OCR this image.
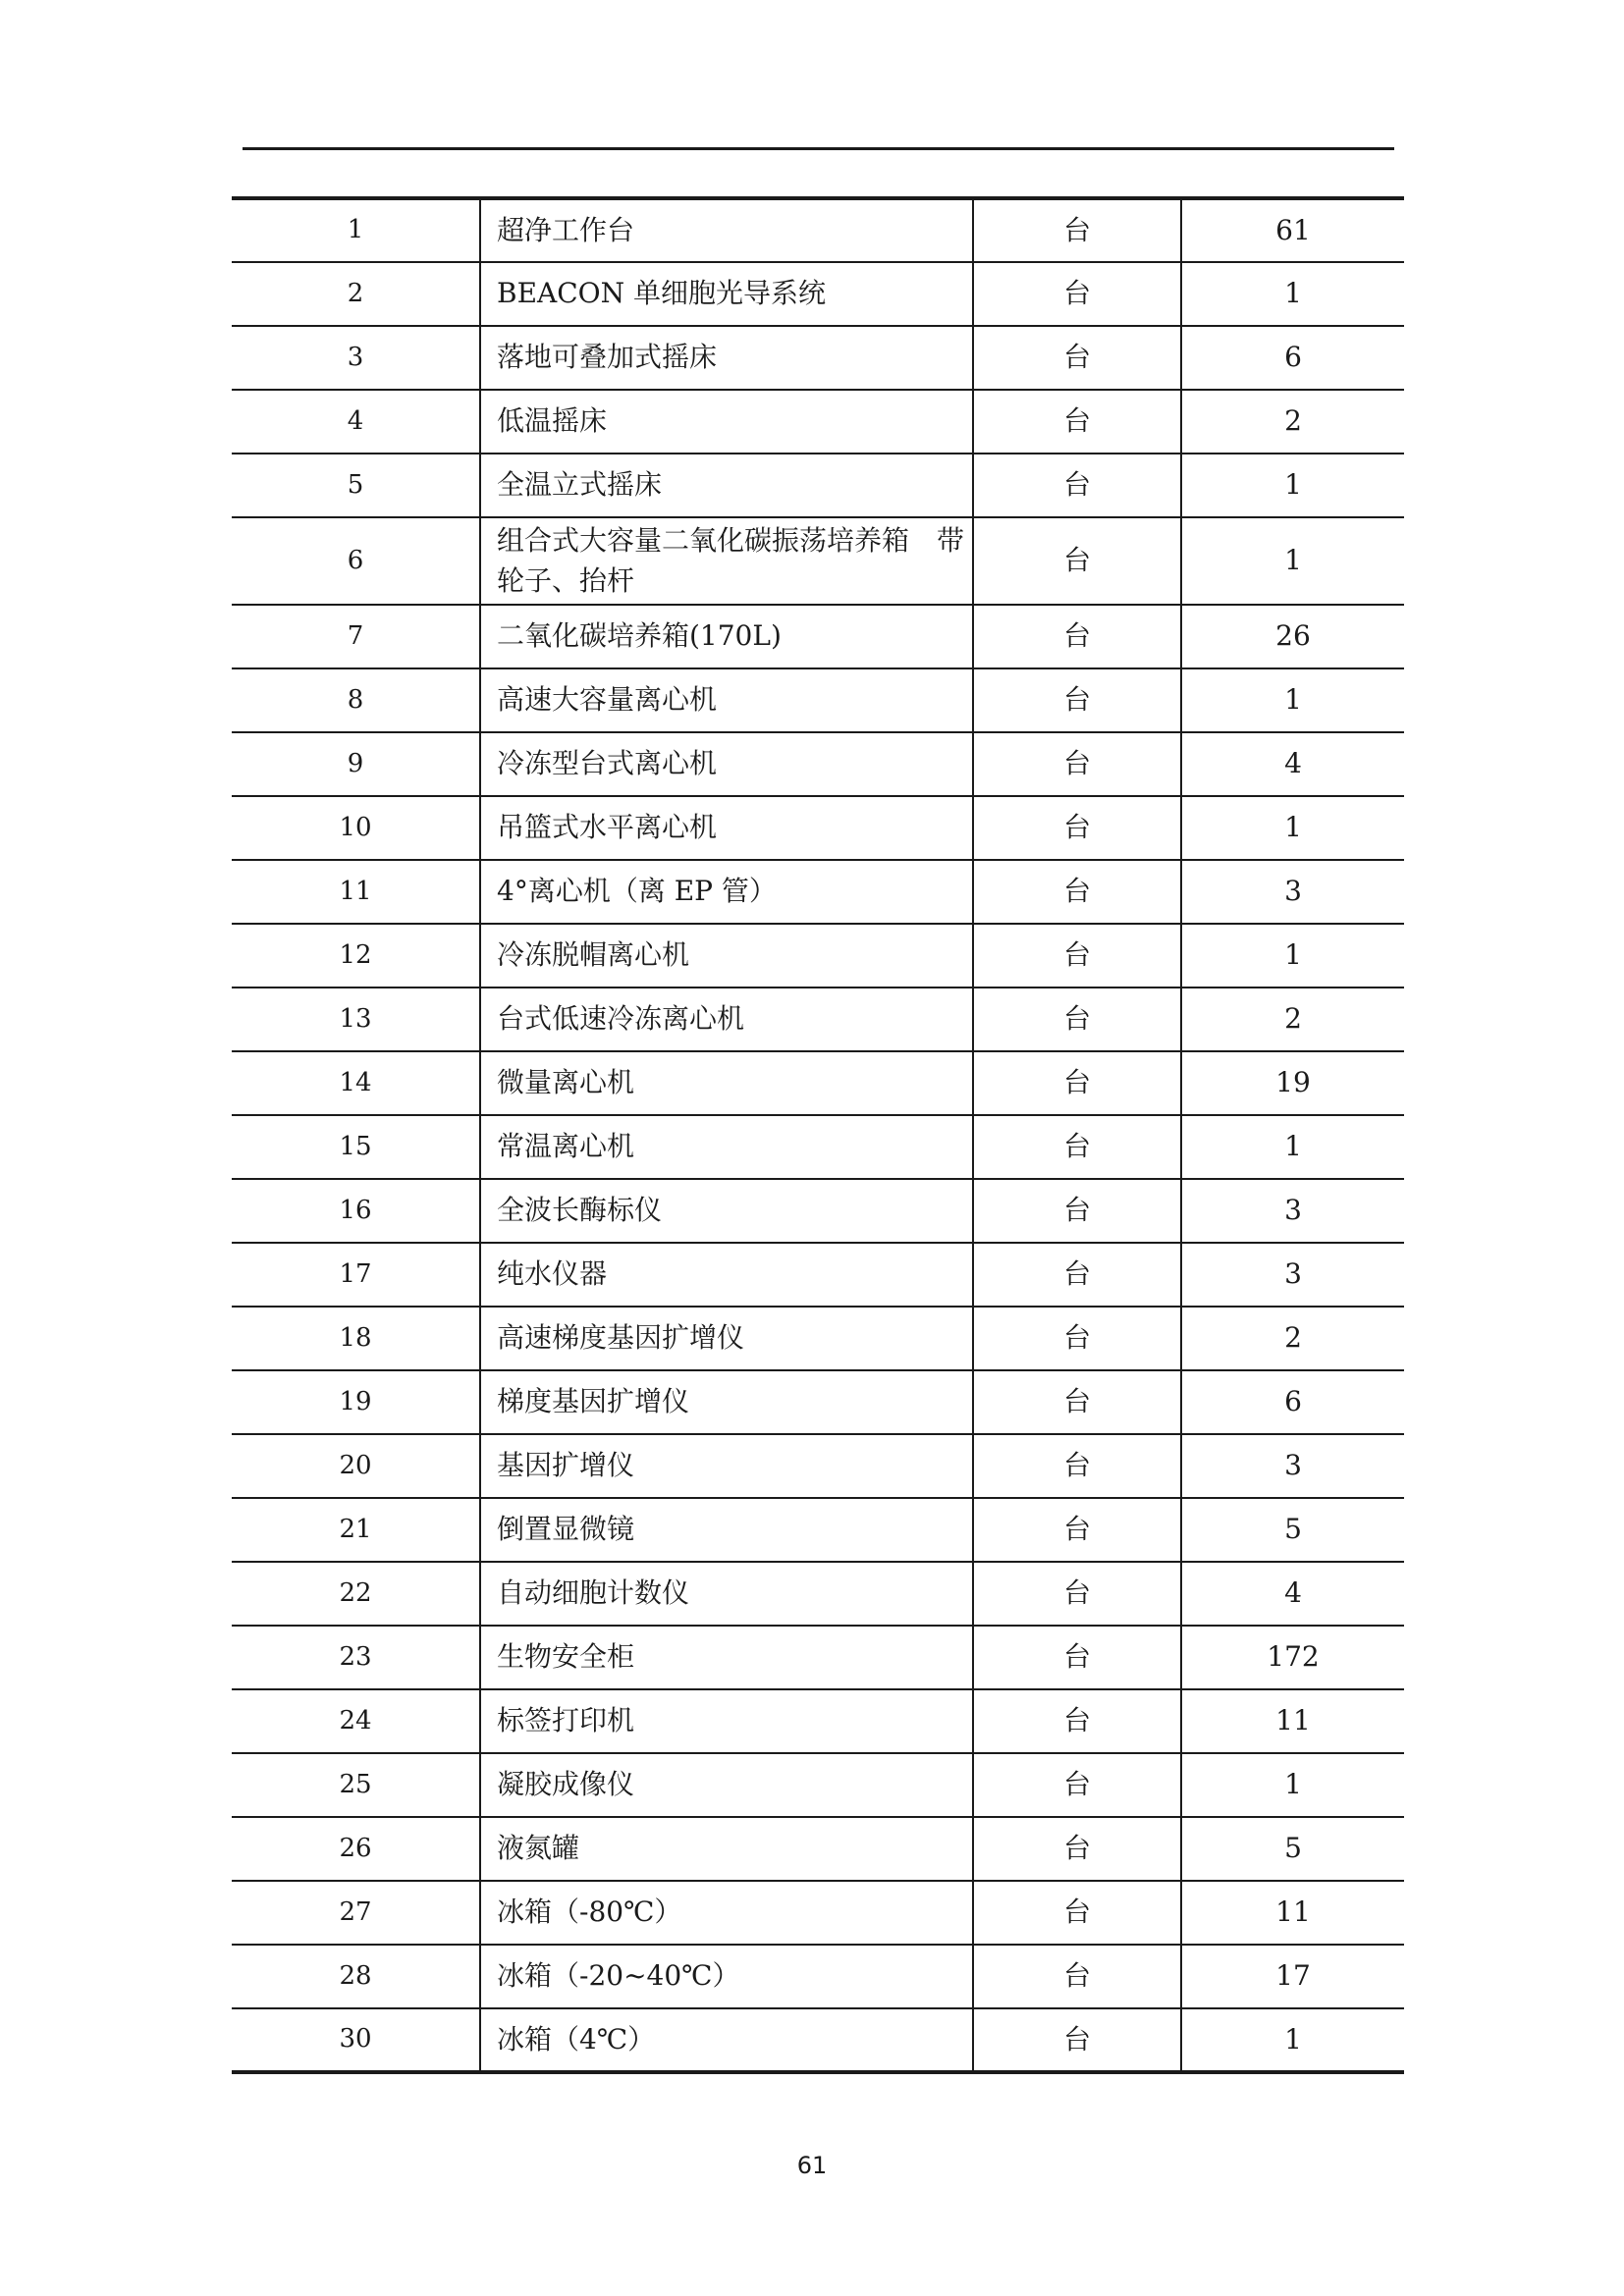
1	超净工作台	台	61
2	BEACON 单细胞光导系统	台	1
3	落地可叠加式摇床	台	6
4	低温摇床	台	2
5	全温立式摇床	台	1
6	组合式大容量二氧化碳振荡培养箱　带轮子、抬杆	台	1
7	二氧化碳培养箱(170L)	台	26
8	高速大容量离心机	台	1
9	冷冻型台式离心机	台	4
10	吊篮式水平离心机	台	1
11	4°离心机（离 EP 管）	台	3
12	冷冻脱帽离心机	台	1
13	台式低速冷冻离心机	台	2
14	微量离心机	台	19
15	常温离心机	台	1
16	全波长酶标仪	台	3
17	纯水仪器	台	3
18	高速梯度基因扩增仪	台	2
19	梯度基因扩增仪	台	6
20	基因扩增仪	台	3
21	倒置显微镜	台	5
22	自动细胞计数仪	台	4
23	生物安全柜	台	172
24	标签打印机	台	11
25	凝胶成像仪	台	1
26	液氮罐	台	5
27	冰箱（-80℃）	台	11
28	冰箱（-20~40℃）	台	17
30	冰箱（4℃）	台	1
61
